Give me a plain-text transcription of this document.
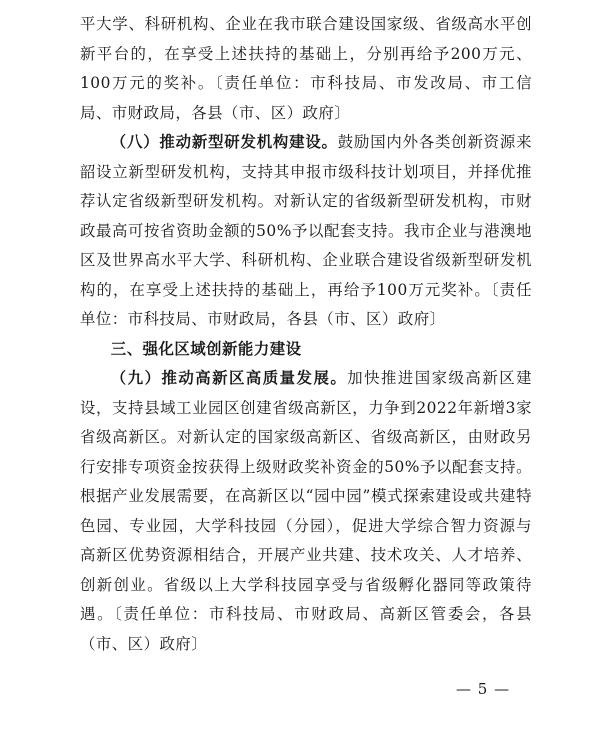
平大学、科研机构、企业在我市联合建设国家级、省级高水平创新平台的，在享受上述扶持的基础上，分别再给予200万元、100万元的奖补。〔责任单位：市科技局、市发改局、市工信局、市财政局，各县（市、区）政府〕

（八）推动新型研发机构建设。鼓励国内外各类创新资源来韶设立新型研发机构，支持其申报市级科技计划项目，并择优推荐认定省级新型研发机构。对新认定的省级新型研发机构，市财政最高可按省资助金额的50%予以配套支持。我市企业与港澳地区及世界高水平大学、科研机构、企业联合建设省级新型研发机构的，在享受上述扶持的基础上，再给予100万元奖补。〔责任单位：市科技局、市财政局，各县（市、区）政府〕

三、强化区域创新能力建设

（九）推动高新区高质量发展。加快推进国家级高新区建设，支持县域工业园区创建省级高新区，力争到2022年新增3家省级高新区。对新认定的国家级高新区、省级高新区，由财政另行安排专项资金按获得上级财政奖补资金的50%予以配套支持。根据产业发展需要，在高新区以“园中园”模式探索建设或共建特色园、专业园，大学科技园（分园），促进大学综合智力资源与高新区优势资源相结合，开展产业共建、技术攻关、人才培养、创新创业。省级以上大学科技园享受与省级孵化器同等政策待遇。〔责任单位：市科技局、市财政局、高新区管委会，各县（市、区）政府〕

— 5 —
